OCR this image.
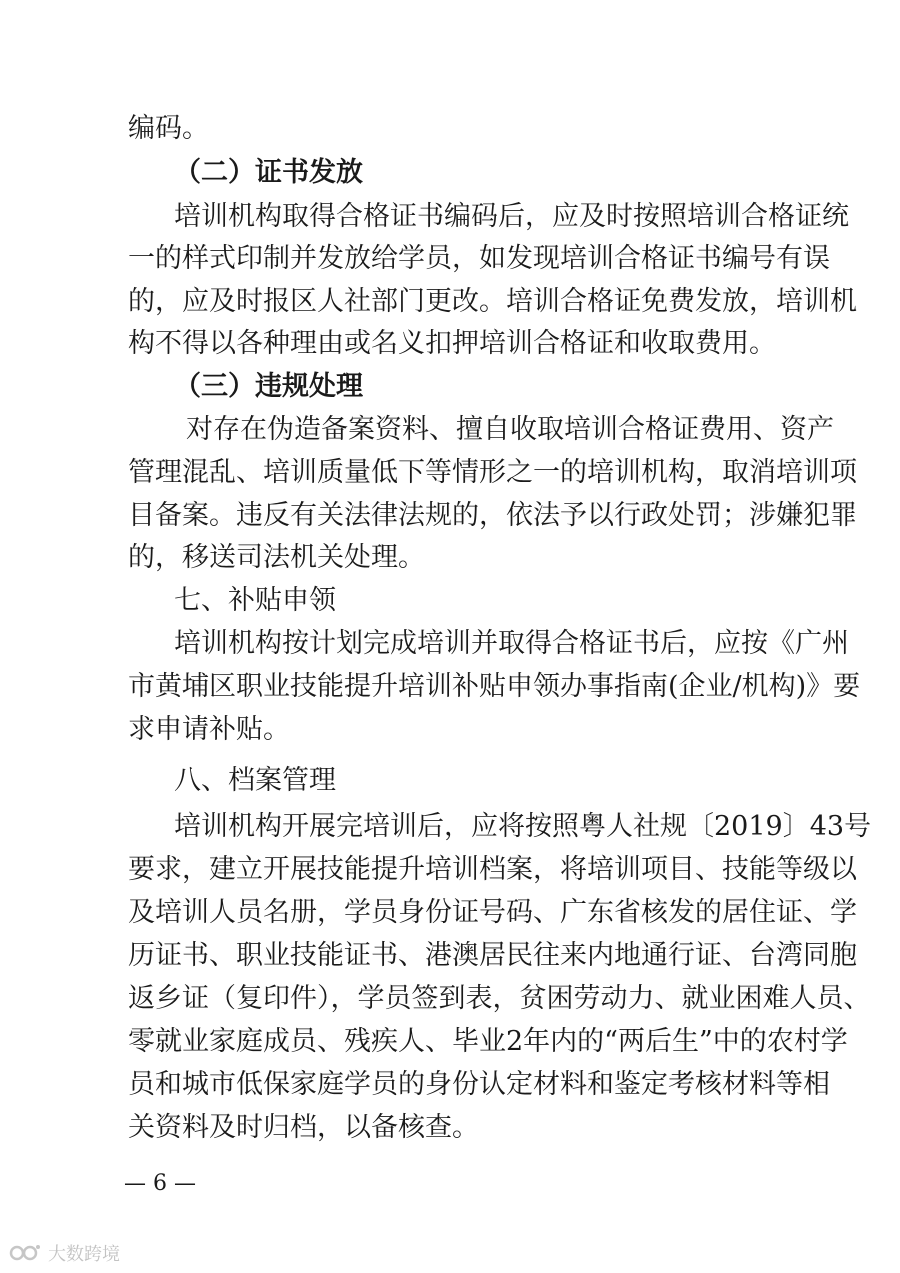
编码。
（二）证书发放
培训机构取得合格证书编码后，应及时按照培训合格证统
一的样式印制并发放给学员，如发现培训合格证书编号有误
的，应及时报区人社部门更改。培训合格证免费发放，培训机
构不得以各种理由或名义扣押培训合格证和收取费用。
（三）违规处理
对存在伪造备案资料、擅自收取培训合格证费用、资产
管理混乱、培训质量低下等情形之一的培训机构，取消培训项
目备案。违反有关法律法规的，依法予以行政处罚；涉嫌犯罪
的，移送司法机关处理。
七、补贴申领
培训机构按计划完成培训并取得合格证书后，应按《广州
市黄埔区职业技能提升培训补贴申领办事指南(企业/机构)》要
求申请补贴。
八、档案管理
培训机构开展完培训后，应将按照粤人社规〔2019〕43号
要求，建立开展技能提升培训档案，将培训项目、技能等级以
及培训人员名册，学员身份证号码、广东省核发的居住证、学
历证书、职业技能证书、港澳居民往来内地通行证、台湾同胞
返乡证（复印件），学员签到表，贫困劳动力、就业困难人员、
零就业家庭成员、残疾人、毕业2年内的“两后生”中的农村学
员和城市低保家庭学员的身份认定材料和鉴定考核材料等相
关资料及时归档，以备核查。
— 6 —
大数跨境
